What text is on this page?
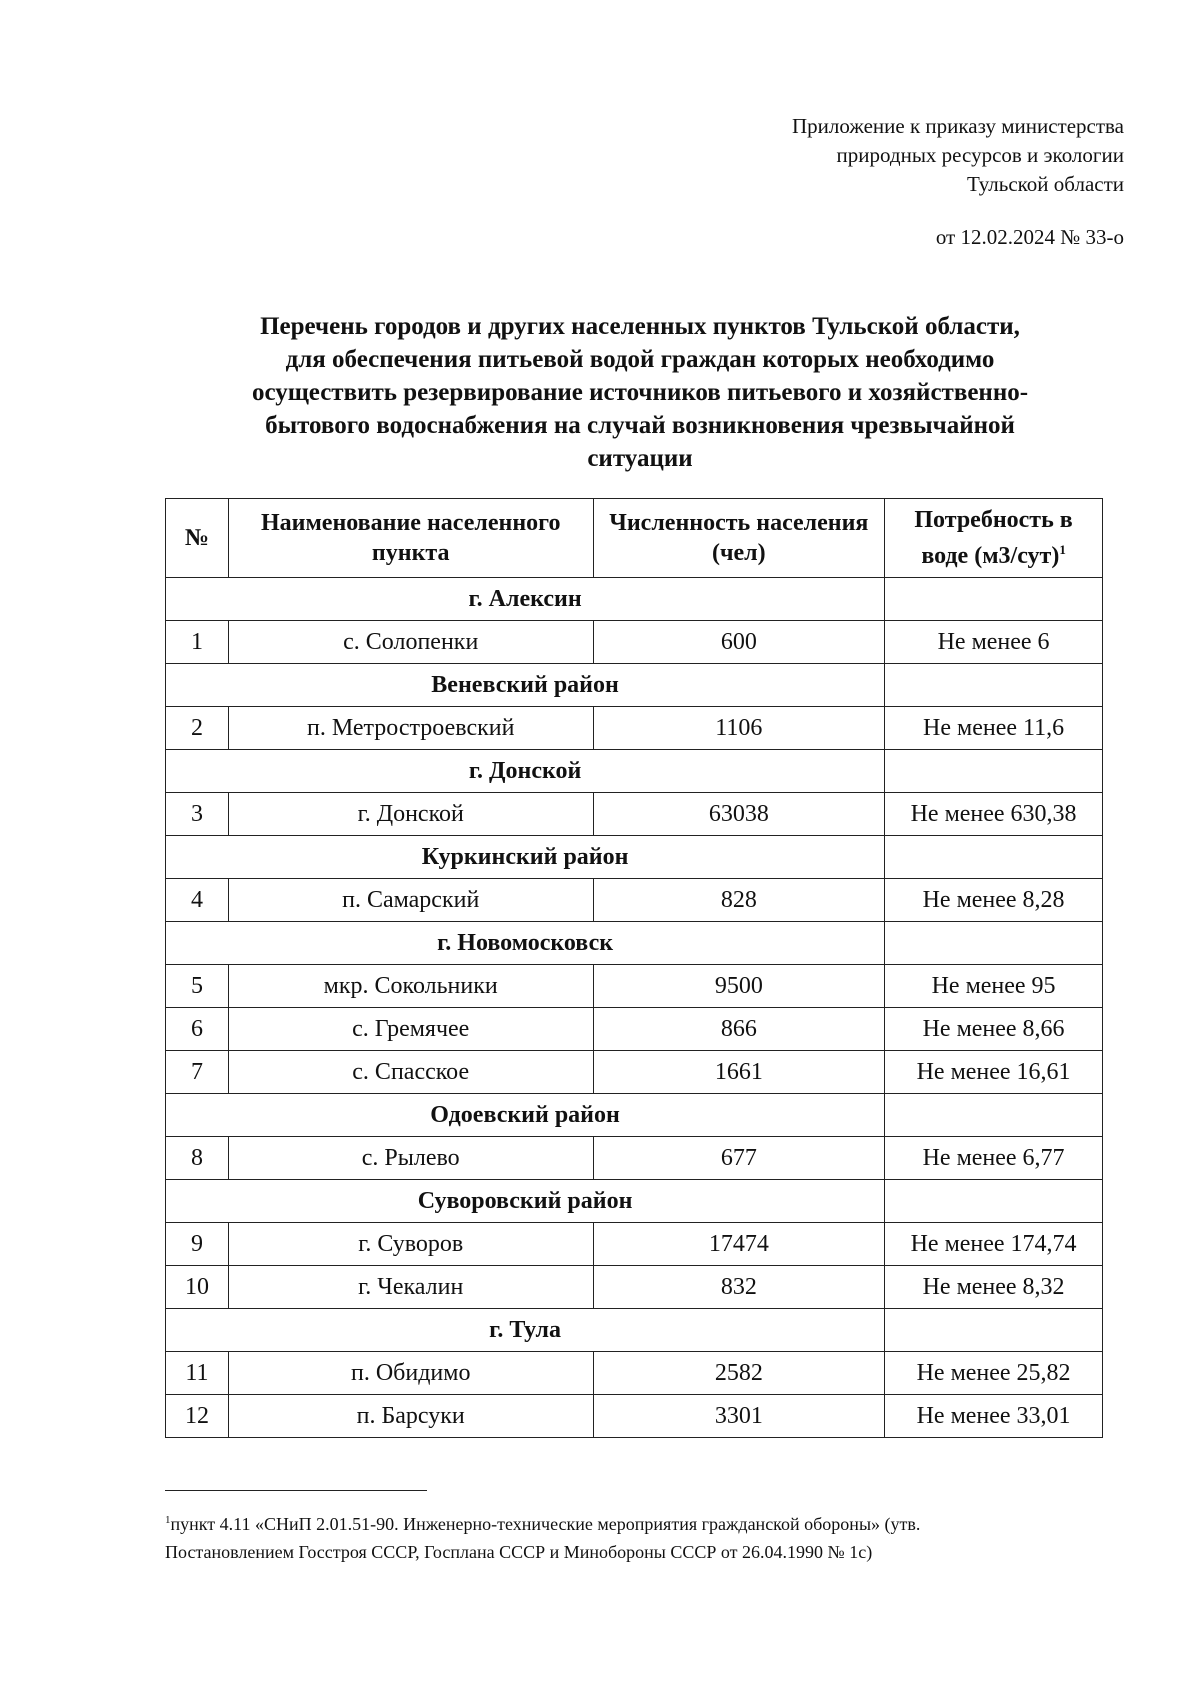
Приложение к приказу министерства
природных ресурсов и экологии
Тульской области
от 12.02.2024 № 33-о
Перечень городов и других населенных пунктов Тульской области,
для обеспечения питьевой водой граждан которых необходимо
осуществить резервирование источников питьевого и хозяйственно-
бытового водоснабжения на случай возникновения чрезвычайной
ситуации
№	Наименование населенного пункта	Численность населения (чел)	Потребность в воде $(м3/сут)^1$
г. Алексин			
1	с. Солопенки	600	Не менее 6
Веневский район			
2	п. Метростроевский	1106	Не менее 11,6
г. Донской			
3	г. Донской	63038	Не менее 630,38
Куркинский район			
4	п. Самарский	828	Не менее 8,28
г. Новомосковск			
5	мкр. Сокольники	9500	Не менее 95
6	с. Гремячее	866	Не менее 8,66
7	с. Спасское	1661	Не менее 16,61
Одоевский район			
8	с. Рылево	677	Не менее 6,77
Суворовский район			
9	г. Суворов	17474	Не менее 174,74
10	г. Чекалин	832	Не менее 8,32
г. Тула			
11	п. Обидимо	2582	Не менее 25,82
12	п. Барсуки	3301	Не менее 33,01
$^1$пункт 4.11 «СНиП 2.01.51-90. Инженерно-технические мероприятия гражданской обороны» (утв.
Постановлением Госстроя СССР, Госплана СССР и Минобороны СССР от 26.04.1990 № 1с)
